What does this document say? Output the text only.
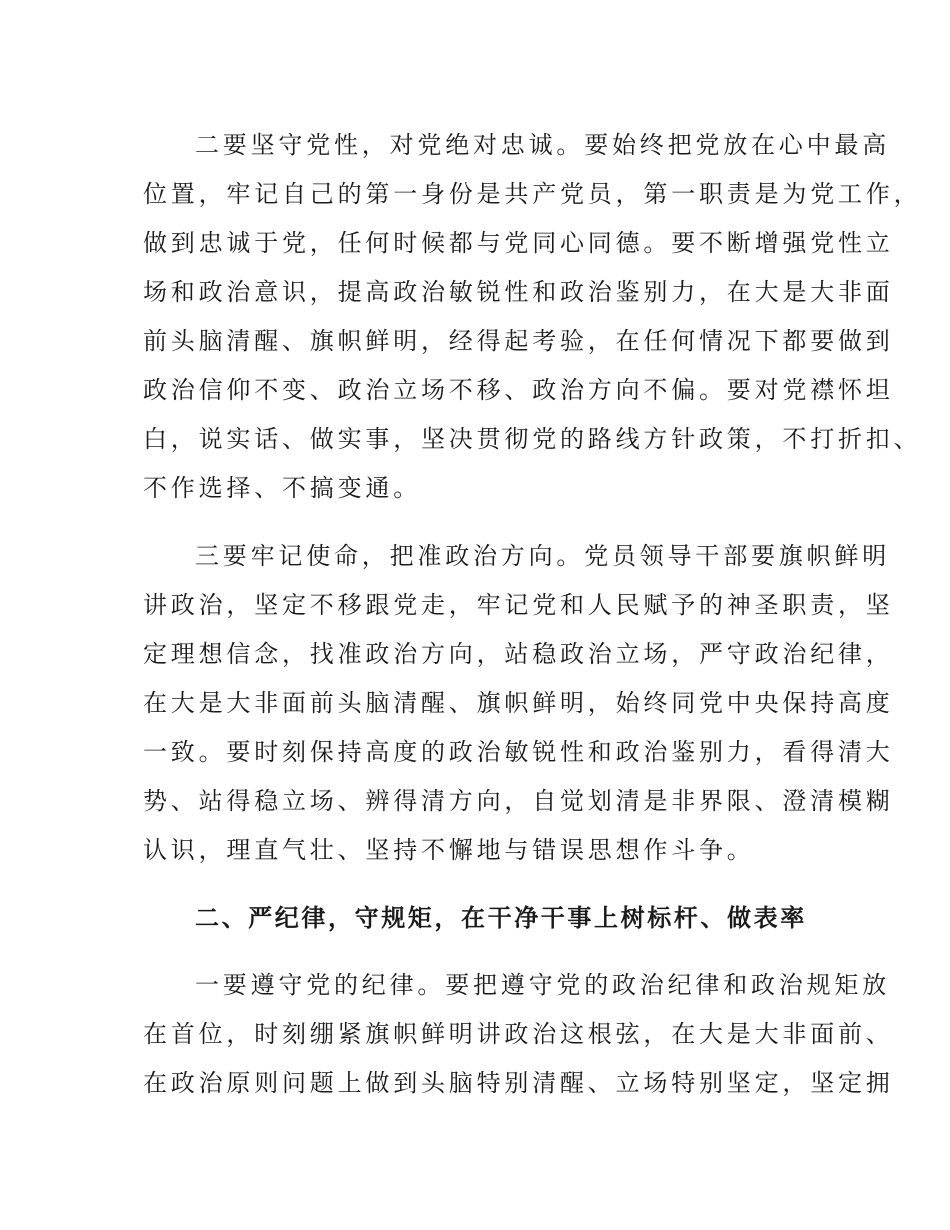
二要坚守党性，对党绝对忠诚。要始终把党放在心中最高
位置，牢记自己的第一身份是共产党员，第一职责是为党工作，
做到忠诚于党，任何时候都与党同心同德。要不断增强党性立
场和政治意识，提高政治敏锐性和政治鉴别力，在大是大非面
前头脑清醒、旗帜鲜明，经得起考验，在任何情况下都要做到
政治信仰不变、政治立场不移、政治方向不偏。要对党襟怀坦
白，说实话、做实事，坚决贯彻党的路线方针政策，不打折扣、
不作选择、不搞变通。
三要牢记使命，把准政治方向。党员领导干部要旗帜鲜明
讲政治，坚定不移跟党走，牢记党和人民赋予的神圣职责，坚
定理想信念，找准政治方向，站稳政治立场，严守政治纪律，
在大是大非面前头脑清醒、旗帜鲜明，始终同党中央保持高度
一致。要时刻保持高度的政治敏锐性和政治鉴别力，看得清大
势、站得稳立场、辨得清方向，自觉划清是非界限、澄清模糊
认识，理直气壮、坚持不懈地与错误思想作斗争。
二、严纪律，守规矩，在干净干事上树标杆、做表率
一要遵守党的纪律。要把遵守党的政治纪律和政治规矩放
在首位，时刻绷紧旗帜鲜明讲政治这根弦，在大是大非面前、
在政治原则问题上做到头脑特别清醒、立场特别坚定，坚定拥
